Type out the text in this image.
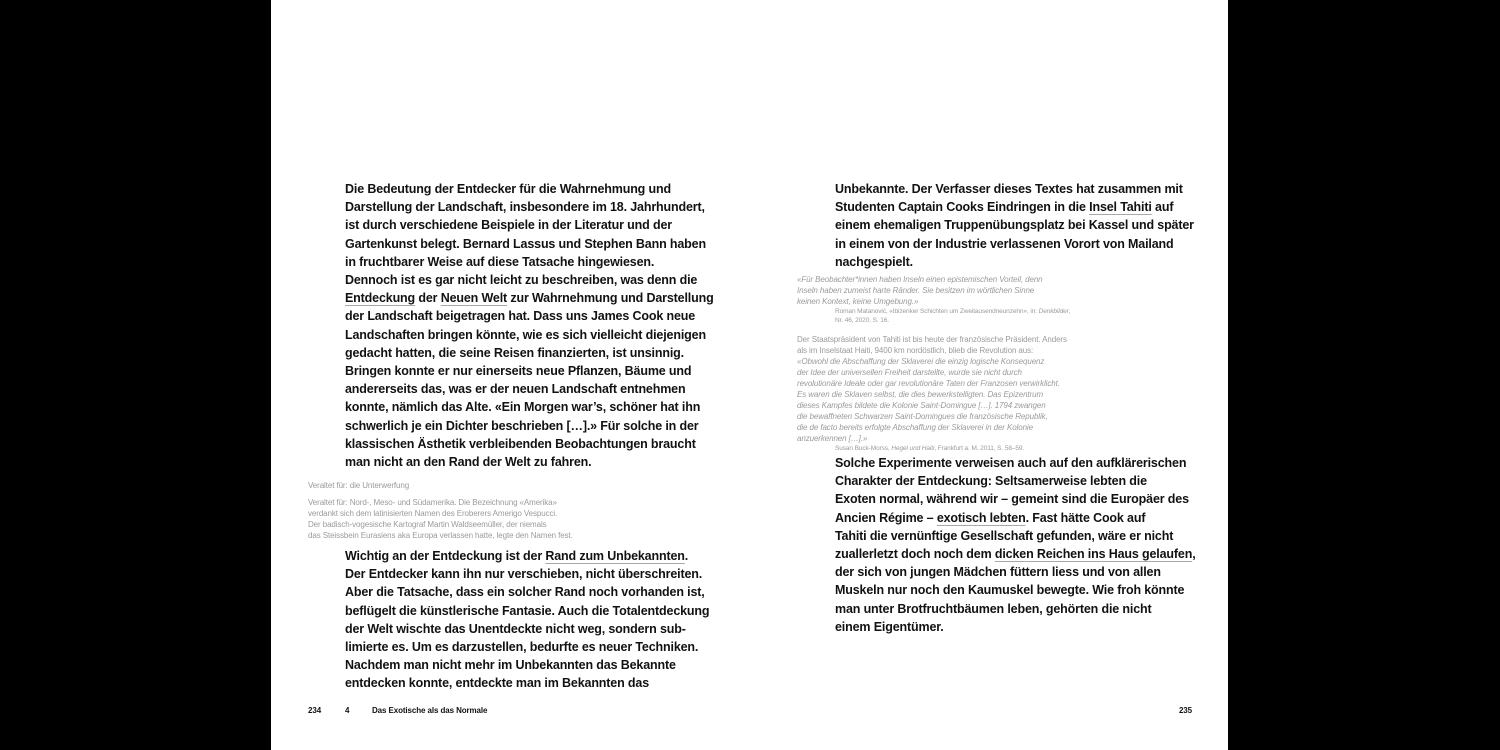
Die Bedeutung der Entdecker für die Wahrnehmung und
Darstellung der Landschaft, insbesondere im 18. Jahrhundert,
ist durch verschiedene Beispiele in der Literatur und der
Gartenkunst belegt. Bernard Lassus und Stephen Bann haben
in fruchtbarer Weise auf diese Tatsache hingewiesen.
Dennoch ist es gar nicht leicht zu beschreiben, was denn die
Entdeckung der Neuen Welt zur Wahrnehmung und Darstellung
der Landschaft beigetragen hat. Dass uns James Cook neue
Landschaften bringen könnte, wie es sich vielleicht diejenigen
gedacht hatten, die seine Reisen finanzierten, ist unsinnig.
Bringen konnte er nur einerseits neue Pflanzen, Bäume und
andererseits das, was er der neuen Landschaft entnehmen
konnte, nämlich das Alte. «Ein Morgen war’s, schöner hat ihn
schwerlich je ein Dichter beschrieben […].» Für solche in der
klassischen Ästhetik verbleibenden Beobachtungen braucht
man nicht an den Rand der Welt zu fahren.
Veraltet für: die Unterwerfung
Veraltet für: Nord-, Meso- und Südamerika. Die Bezeichnung «Amerika»
verdankt sich dem latinisierten Namen des Eroberers Amerigo Vespucci.
Der badisch-vogesische Kartograf Martin Waldseemüller, der niemals
das Steissbein Eurasiens aka Europa verlassen hatte, legte den Namen fest.
Wichtig an der Entdeckung ist der Rand zum Unbekannten.
Der Entdecker kann ihn nur verschieben, nicht überschreiten.
Aber die Tatsache, dass ein solcher Rand noch vorhanden ist,
beflügelt die künstlerische Fantasie. Auch die Totalentdeckung
der Welt wischte das Unentdeckte nicht weg, sondern sub-
limierte es. Um es darzustellen, bedurfte es neuer Techniken.
Nachdem man nicht mehr im Unbekannten das Bekannte
entdecken konnte, entdeckte man im Bekannten das
234	4	Das Exotische als das Normale
Unbekannte. Der Verfasser dieses Textes hat zusammen mit
Studenten Captain Cooks Eindringen in die Insel Tahiti auf
einem ehemaligen Truppenübungsplatz bei Kassel und später
in einem von der Industrie verlassenen Vorort von Mailand
nachgespielt.
«Für Beobachter*innen haben Inseln einen epistemischen Vorteil, denn
Inseln haben zumeist harte Ränder. Sie besitzen im wörtlichen Sinne
keinen Kontext, keine Umgebung.»
Roman Matanović, «Ibizenker Schichten um Zweitausendneunzehn», in: Denkbilder,
Nr. 46, 2020, S. 16.
Der Staatspräsident von Tahiti ist bis heute der französische Präsident. Anders
als im Inselstaat Haiti, 9400 km nordöstlich, blieb die Revolution aus:
«Obwohl die Abschaffung der Sklaverei die einzig logische Konsequenz
der Idee der universellen Freiheit darstellte, wurde sie nicht durch
revolutionäre Ideale oder gar revolutionäre Taten der Franzosen verwirklicht.
Es waren die Sklaven selbst, die dies bewerkstelligten. Das Epizentrum
dieses Kampfes bildete die Kolonie Saint-Domingue […]. 1794 zwangen
die bewaffneten Schwarzen Saint-Domingues die französische Republik,
die de facto bereits erfolgte Abschaffung der Sklaverei in der Kolonie
anzuerkennen […].»
Susan Buck-Morss, Hegel und Haiti, Frankfurt a. M. 2011, S. 58–59.
Solche Experimente verweisen auch auf den aufklärerischen
Charakter der Entdeckung: Seltsamerweise lebten die
Exoten normal, während wir – gemeint sind die Europäer des
Ancien Régime – exotisch lebten. Fast hätte Cook auf
Tahiti die vernünftige Gesellschaft gefunden, wäre er nicht
zuallerletzt doch noch dem dicken Reichen ins Haus gelaufen,
der sich von jungen Mädchen füttern liess und von allen
Muskeln nur noch den Kaumuskel bewegte. Wie froh könnte
man unter Brotfruchtbäumen leben, gehörten die nicht
einem Eigentümer.
235
